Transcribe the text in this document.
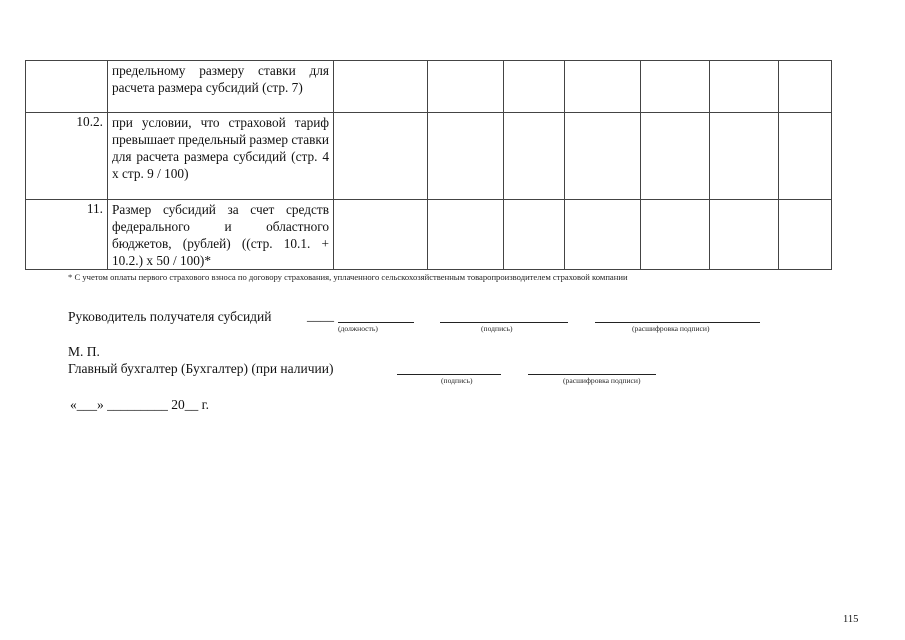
	предельному размеру ставки для расчета размера субсидий (стр. 7)							
10.2.	при условии, что страховой тариф превышает предельный размер ставки для расчета размера субсидий (стр. 4 х стр. 9 / 100)							
11.	Размер субсидий за счет средств федерального и областного бюджетов, (рублей) ((стр. 10.1. + 10.2.) х 50 / 100)*							
* С учетом оплаты первого страхового взноса по договору страхования, уплаченного сельскохозяйственным товаропроизводителем страховой компании
Руководитель получателя субсидий	____
(должность)	(подпись)	(расшифровка подписи)
М. П.
Главный бухгалтер (Бухгалтер) (при наличии)
(подпись)	(расшифровка подписи)
«___» _________ 20__ г.
115
